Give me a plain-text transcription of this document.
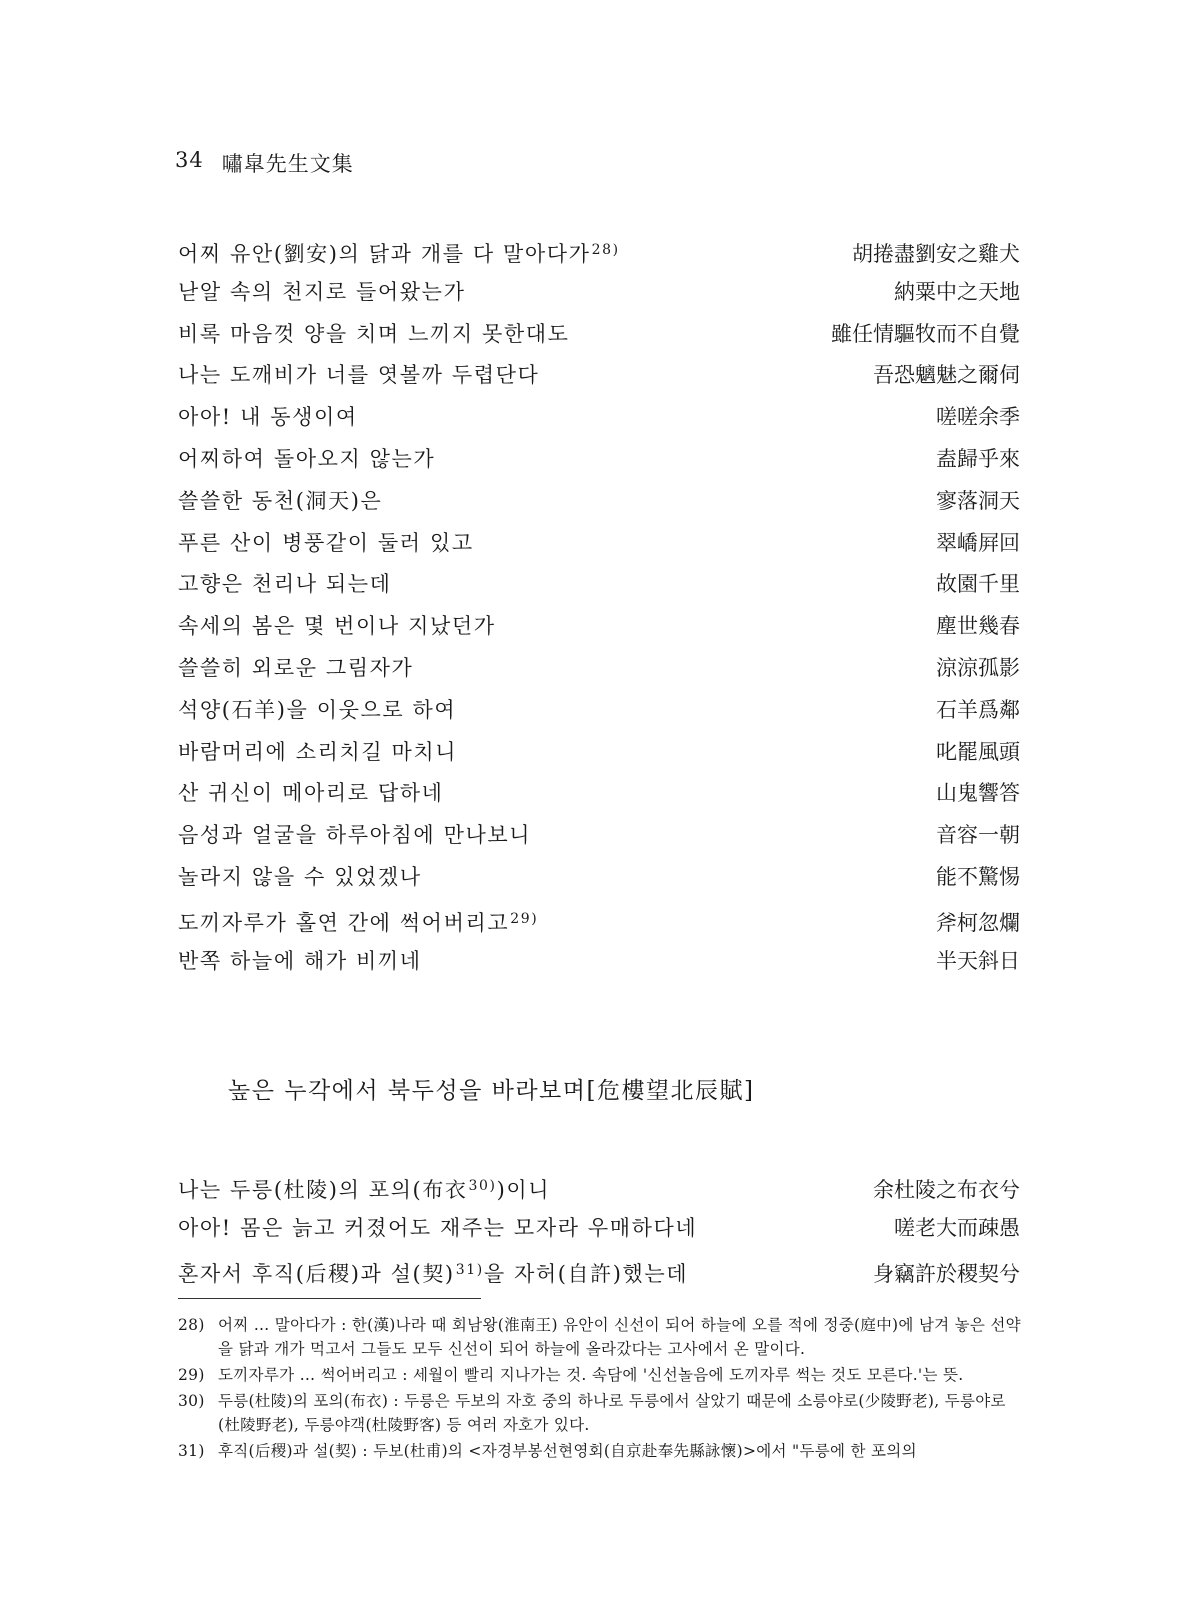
34 嘯皐先生文集
어찌 유안(劉安)의 닭과 개를 다 말아다가$^{28)}$	胡捲盡劉安之雞犬
낟알 속의 천지로 들어왔는가	納粟中之天地
비록 마음껏 양을 치며 느끼지 못한대도	雖任情驅牧而不自覺
나는 도깨비가 너를 엿볼까 두렵단다	吾恐魑魅之爾伺
아아! 내 동생이여	嗟嗟余季
어찌하여 돌아오지 않는가	盍歸乎來
쓸쓸한 동천(洞天)은	寥落洞天
푸른 산이 병풍같이 둘러 있고	翠嶠屛回
고향은 천리나 되는데	故園千里
속세의 봄은 몇 번이나 지났던가	塵世幾春
쓸쓸히 외로운 그림자가	涼涼孤影
석양(石羊)을 이웃으로 하여	石羊爲鄰
바람머리에 소리치길 마치니	叱罷風頭
산 귀신이 메아리로 답하네	山鬼響答
음성과 얼굴을 하루아침에 만나보니	音容一朝
놀라지 않을 수 있었겠나	能不驚惕
도끼자루가 홀연 간에 썩어버리고$^{29)}$	斧柯忽爛
반쪽 하늘에 해가 비끼네	半天斜日
높은 누각에서 북두성을 바라보며[危樓望北辰賦]
나는 두릉(杜陵)의 포의(布衣$^{30)}$)이니	余杜陵之布衣兮
아아! 몸은 늙고 커졌어도 재주는 모자라 우매하다네	嗟老大而疎愚
혼자서 후직(后稷)과 설(契)$^{31)}$을 자허(自許)했는데	身竊許於稷契兮
28) 어찌 … 말아다가 : 한(漢)나라 때 회남왕(淮南王) 유안이 신선이 되어 하늘에 오를 적에 정중(庭中)에 남겨 놓은 선약을 닭과 개가 먹고서 그들도 모두 신선이 되어 하늘에 올라갔다는 고사에서 온 말이다.
29) 도끼자루가 … 썩어버리고 : 세월이 빨리 지나가는 것. 속담에 '신선놀음에 도끼자루 썩는 것도 모른다.'는 뜻.
30) 두릉(杜陵)의 포의(布衣) : 두릉은 두보의 자호 중의 하나로 두릉에서 살았기 때문에 소릉야로(少陵野老), 두릉야로(杜陵野老), 두릉야객(杜陵野客) 등 여러 자호가 있다.
31) 후직(后稷)과 설(契) : 두보(杜甫)의 <자경부봉선현영회(自京赴奉先縣詠懷)>에서 "두릉에 한 포의의
